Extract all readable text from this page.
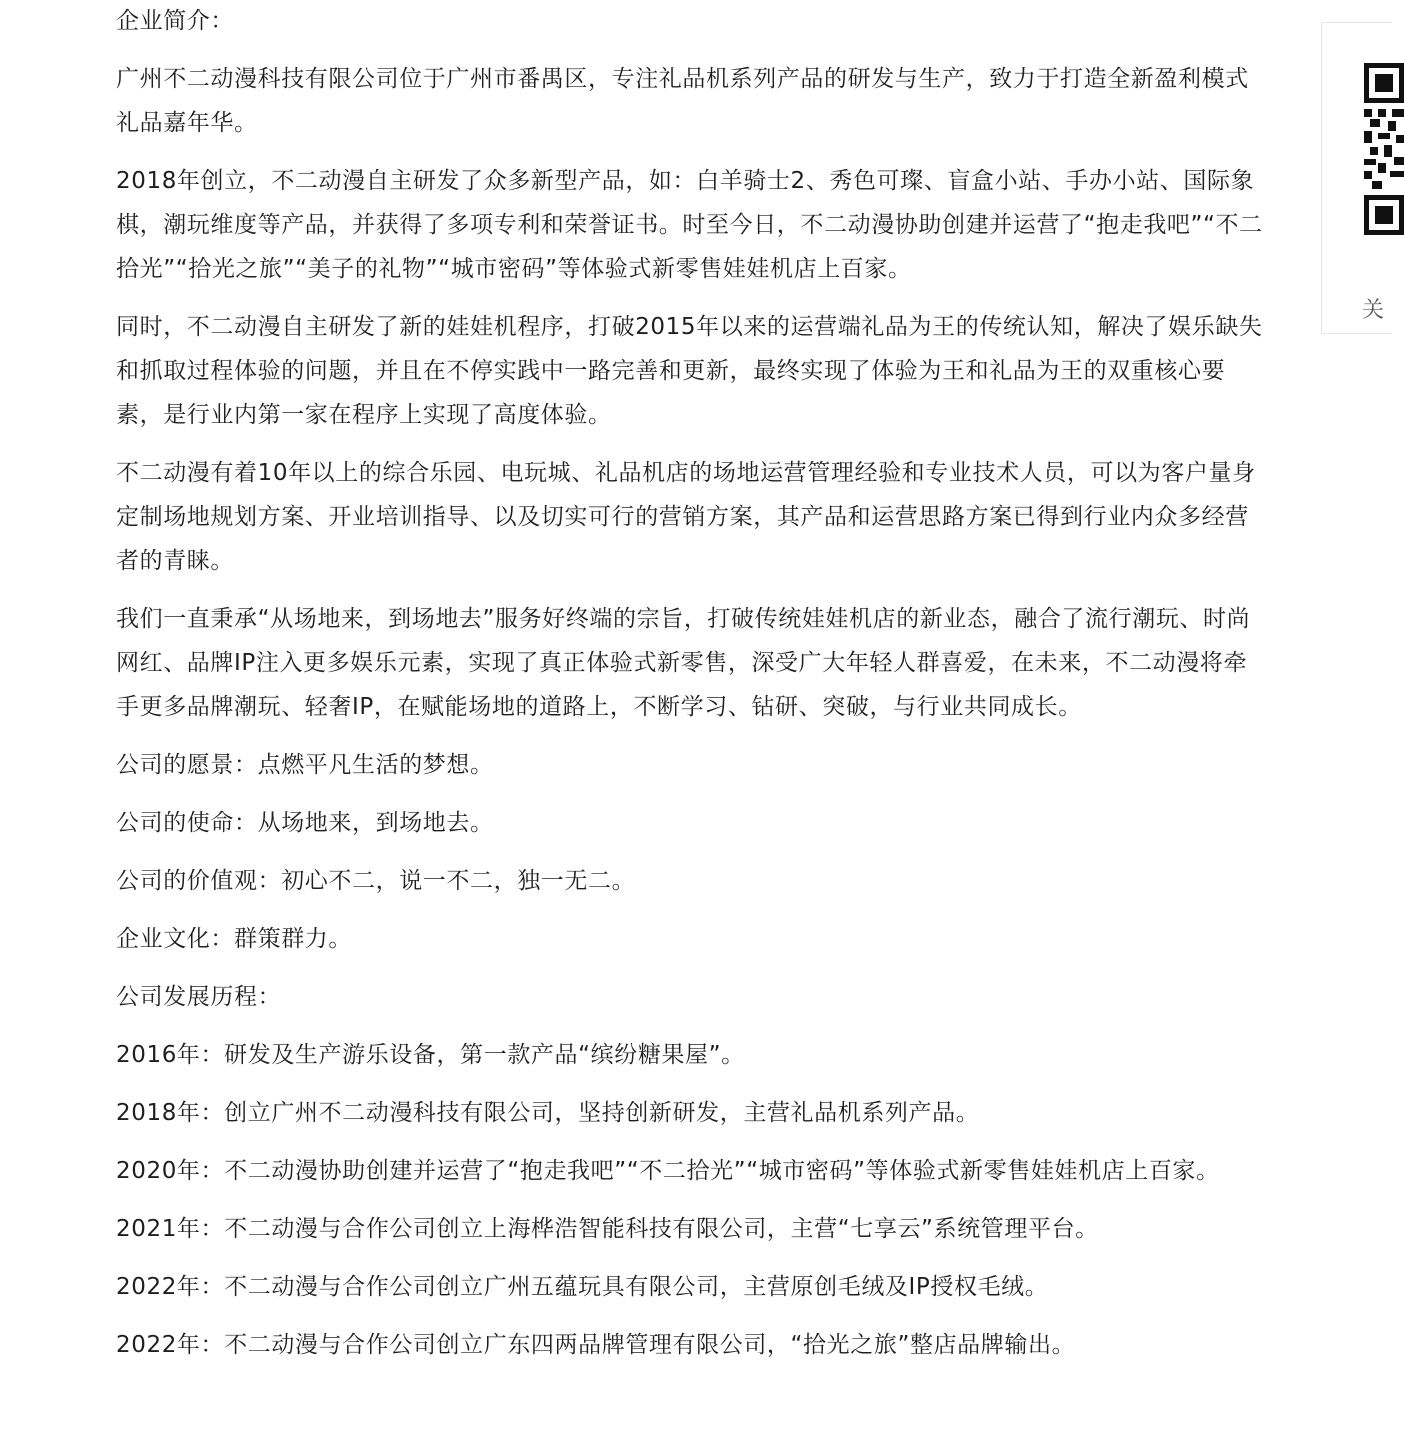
企业简介：

广州不二动漫科技有限公司位于广州市番禺区，专注礼品机系列产品的研发与生产，致力于打造全新盈利模式礼品嘉年华。

2018年创立，不二动漫自主研发了众多新型产品，如：白羊骑士2、秀色可璨、盲盒小站、手办小站、国际象棋，潮玩维度等产品，并获得了多项专利和荣誉证书。时至今日，不二动漫协助创建并运营了“抱走我吧”“不二拾光”“拾光之旅”“美子的礼物”“城市密码”等体验式新零售娃娃机店上百家。

同时，不二动漫自主研发了新的娃娃机程序，打破2015年以来的运营端礼品为王的传统认知，解决了娱乐缺失和抓取过程体验的问题，并且在不停实践中一路完善和更新，最终实现了体验为王和礼品为王的双重核心要素，是行业内第一家在程序上实现了高度体验。

不二动漫有着10年以上的综合乐园、电玩城、礼品机店的场地运营管理经验和专业技术人员，可以为客户量身定制场地规划方案、开业培训指导、以及切实可行的营销方案，其产品和运营思路方案已得到行业内众多经营者的青睐。

我们一直秉承“从场地来，到场地去”服务好终端的宗旨，打破传统娃娃机店的新业态，融合了流行潮玩、时尚网红、品牌IP注入更多娱乐元素，实现了真正体验式新零售，深受广大年轻人群喜爱，在未来，不二动漫将牵手更多品牌潮玩、轻奢IP，在赋能场地的道路上，不断学习、钻研、突破，与行业共同成长。

公司的愿景：点燃平凡生活的梦想。

公司的使命：从场地来，到场地去。

公司的价值观：初心不二，说一不二，独一无二。

企业文化：群策群力。

公司发展历程：

2016年：研发及生产游乐设备，第一款产品“缤纷糖果屋”。

2018年：创立广州不二动漫科技有限公司，坚持创新研发，主营礼品机系列产品。

2020年：不二动漫协助创建并运营了“抱走我吧”“不二拾光”“城市密码”等体验式新零售娃娃机店上百家。

2021年：不二动漫与合作公司创立上海桦浩智能科技有限公司，主营“七享云”系统管理平台。

2022年：不二动漫与合作公司创立广州五蕴玩具有限公司，主营原创毛绒及IP授权毛绒。

2022年：不二动漫与合作公司创立广东四两品牌管理有限公司，“拾光之旅”整店品牌输出。

关
